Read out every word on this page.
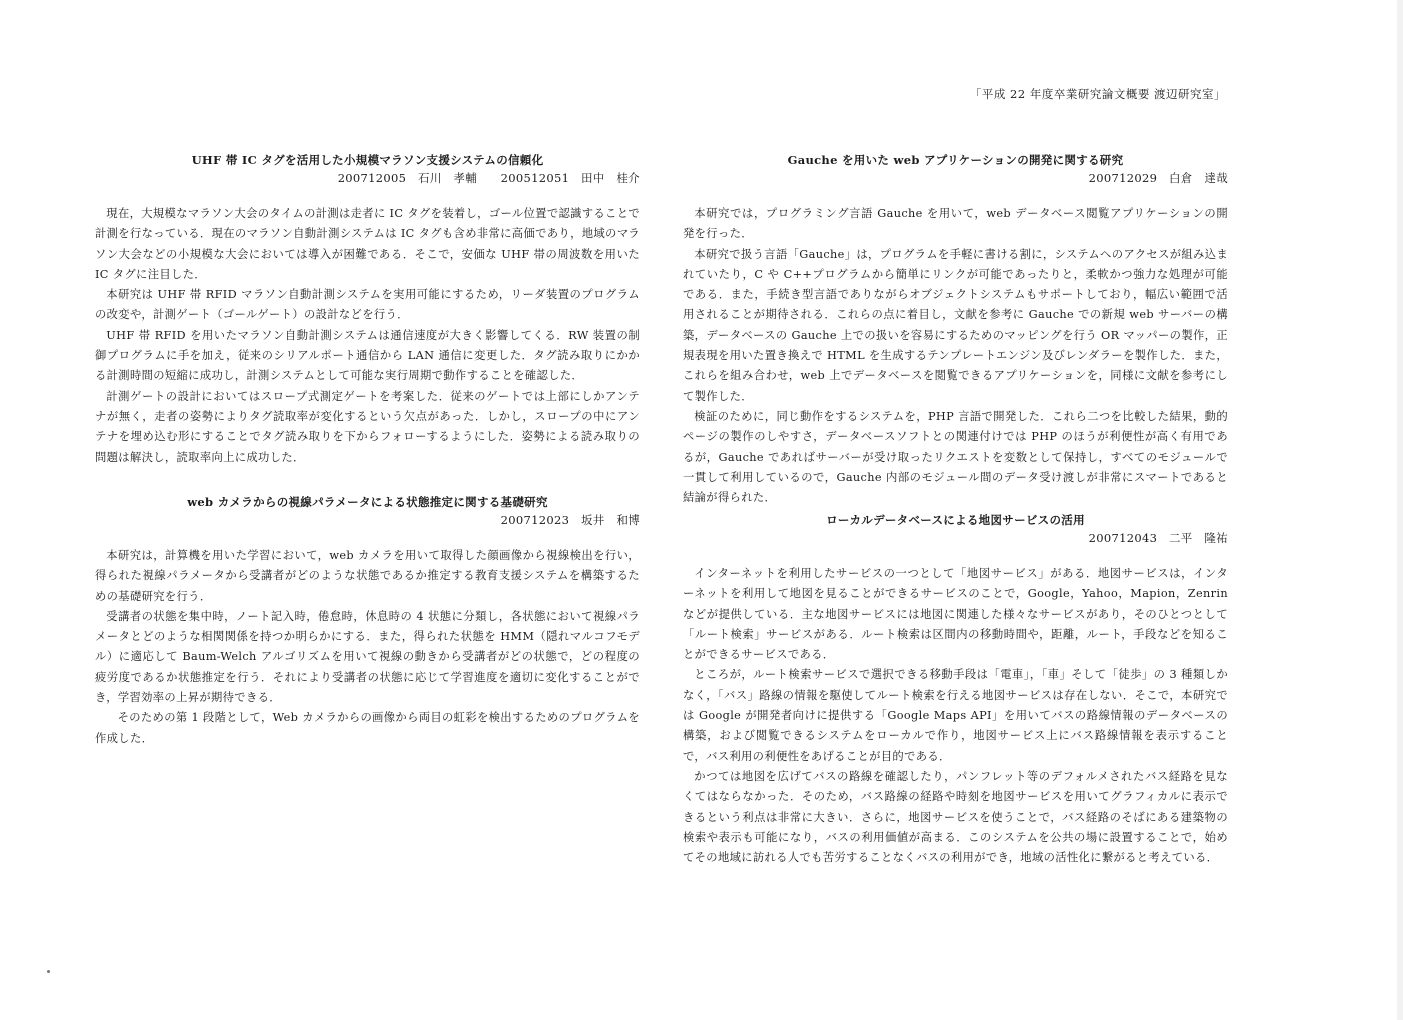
「平成 22 年度卒業研究論文概要 渡辺研究室」
UHF 帯 IC タグを活用した小規模マラソン支援システムの信頼化
200712005　石川　孝輔　　200512051　田中　桂介

現在，大規模なマラソン大会のタイムの計測は走者に IC タグを装着し，ゴール位置で認識することで計測を行なっている．現在のマラソン自動計測システムは IC タグも含め非常に高価であり，地域のマラソン大会などの小規模な大会においては導入が困難である．そこで，安価な UHF 帯の周波数を用いた IC タグに注目した．

本研究は UHF 帯 RFID マラソン自動計測システムを実用可能にするため，リーダ装置のプログラムの改変や，計測ゲート（ゴールゲート）の設計などを行う．

UHF 帯 RFID を用いたマラソン自動計測システムは通信速度が大きく影響してくる．RW 装置の制御プログラムに手を加え，従来のシリアルポート通信から LAN 通信に変更した．タグ読み取りにかかる計測時間の短縮に成功し，計測システムとして可能な実行周期で動作することを確認した．

計測ゲートの設計においてはスロープ式測定ゲートを考案した．従来のゲートでは上部にしかアンテナが無く，走者の姿勢によりタグ読取率が変化するという欠点があった．しかし，スロープの中にアンテナを埋め込む形にすることでタグ読み取りを下からフォローするようにした．姿勢による読み取りの問題は解決し，読取率向上に成功した．

web カメラからの視線パラメータによる状態推定に関する基礎研究
200712023　坂井　和博

本研究は，計算機を用いた学習において，web カメラを用いて取得した顔画像から視線検出を行い，得られた視線パラメータから受講者がどのような状態であるか推定する教育支援システムを構築するための基礎研究を行う．

受講者の状態を集中時，ノート記入時，倦怠時，休息時の 4 状態に分類し，各状態において視線パラメータとどのような相関関係を持つか明らかにする．また，得られた状態を HMM（隠れマルコフモデル）に適応して Baum-Welch アルゴリズムを用いて視線の動きから受講者がどの状態で，どの程度の疲労度であるか状態推定を行う．それにより受講者の状態に応じて学習進度を適切に変化することができ，学習効率の上昇が期待できる．

そのための第 1 段階として，Web カメラからの画像から両目の虹彩を検出するためのプログラムを作成した．

Gauche を用いた web アプリケーションの開発に関する研究
200712029　白倉　達哉

本研究では，プログラミング言語 Gauche を用いて，web データベース閲覧アプリケーションの開発を行った．

本研究で扱う言語「Gauche」は，プログラムを手軽に書ける割に，システムへのアクセスが組み込まれていたり，C や C++プログラムから簡単にリンクが可能であったりと，柔軟かつ強力な処理が可能である．また，手続き型言語でありながらオブジェクトシステムもサポートしており，幅広い範囲で活用されることが期待される．これらの点に着目し，文献を参考に Gauche での新規 web サーバーの構築，データベースの Gauche 上での扱いを容易にするためのマッピングを行う OR マッパーの製作，正規表現を用いた置き換えで HTML を生成するテンプレートエンジン及びレンダラーを製作した．また，これらを組み合わせ，web 上でデータベースを閲覧できるアプリケーションを，同様に文献を参考にして製作した．

検証のために，同じ動作をするシステムを，PHP 言語で開発した．これら二つを比較した結果，動的ページの製作のしやすさ，データベースソフトとの関連付けでは PHP のほうが利便性が高く有用であるが，Gauche であればサーバーが受け取ったリクエストを変数として保持し，すべてのモジュールで一貫して利用しているので，Gauche 内部のモジュール間のデータ受け渡しが非常にスマートであると結論が得られた．

ローカルデータベースによる地図サービスの活用
200712043　二平　隆祐

インターネットを利用したサービスの一つとして「地図サービス」がある．地図サービスは，インターネットを利用して地図を見ることができるサービスのことで，Google，Yahoo，Mapion，Zenrin などが提供している．主な地図サービスには地図に関連した様々なサービスがあり，そのひとつとして「ルート検索」サービスがある．ルート検索は区間内の移動時間や，距離，ルート，手段などを知ることができるサービスである．

ところが，ルート検索サービスで選択できる移動手段は「電車」，「車」そして「徒歩」の 3 種類しかなく，「バス」路線の情報を駆使してルート検索を行える地図サービスは存在しない．そこで，本研究では Google が開発者向けに提供する「Google Maps API」を用いてバスの路線情報のデータベースの構築，および閲覧できるシステムをローカルで作り，地図サービス上にバス路線情報を表示することで，バス利用の利便性をあげることが目的である．

かつては地図を広げてバスの路線を確認したり，パンフレット等のデフォルメされたバス経路を見なくてはならなかった．そのため，バス路線の経路や時刻を地図サービスを用いてグラフィカルに表示できるという利点は非常に大きい．さらに，地図サービスを使うことで，バス経路のそばにある建築物の検索や表示も可能になり，バスの利用価値が高まる．このシステムを公共の場に設置することで，始めてその地域に訪れる人でも苦労することなくバスの利用ができ，地域の活性化に繋がると考えている．
